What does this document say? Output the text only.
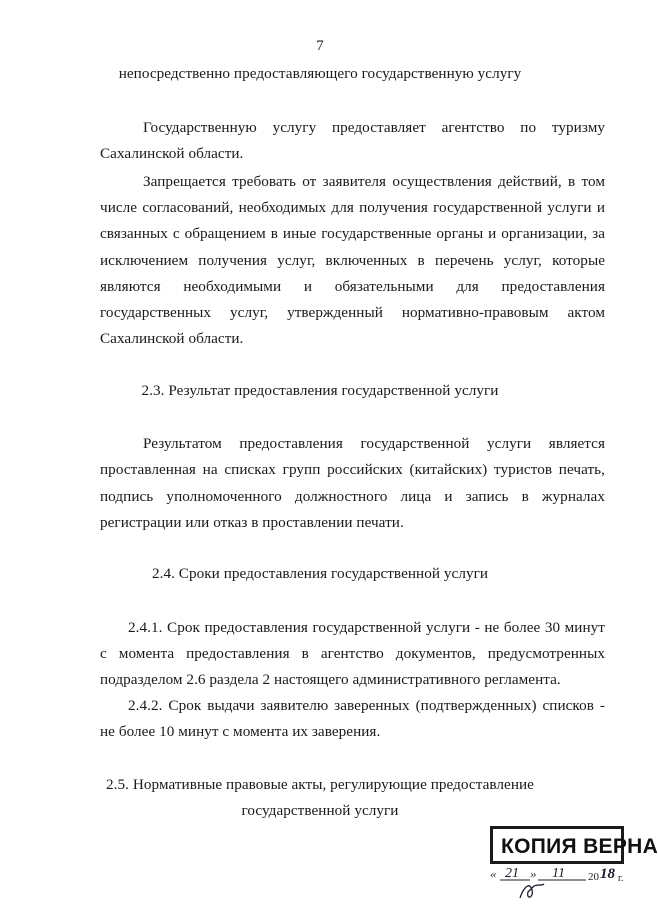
7
непосредственно предоставляющего государственную услугу
Государственную услугу предоставляет агентство по туризму
Сахалинской области.
Запрещается требовать от заявителя осуществления действий, в том
числе согласований, необходимых для получения государственной услуги и
связанных с обращением в иные государственные органы и организации, за
исключением получения услуг, включенных в перечень услуг, которые
являются необходимыми и обязательными для предоставления
государственных услуг, утвержденный нормативно-правовым актом
Сахалинской области.
2.3. Результат предоставления государственной услуги
Результатом предоставления государственной услуги является
проставленная на списках групп российских (китайских) туристов печать,
подпись уполномоченного должностного лица и запись в журналах
регистрации или отказ в проставлении печати.
2.4. Сроки предоставления государственной услуги
2.4.1. Срок предоставления государственной услуги - не более 30 минут
с момента предоставления в агентство документов, предусмотренных
подразделом 2.6 раздела 2 настоящего административного регламента.
2.4.2. Срок выдачи заявителю заверенных (подтвержденных) списков -
не более 10 минут с момента их заверения.
2.5. Нормативные правовые акты, регулирующие предоставление
государственной услуги
КОПИЯ ВЕРНА
« 21 » 11 20 18 г.
